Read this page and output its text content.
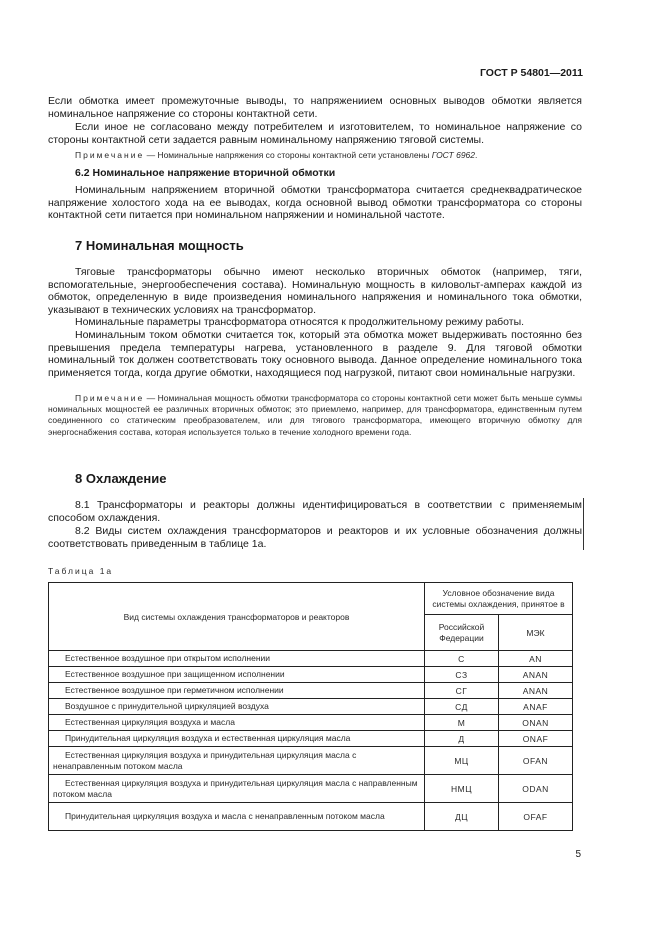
ГОСТ Р 54801—2011

Если обмотка имеет промежуточные выводы, то напряжениием основных выводов обмотки является номинальное напряжение со стороны контактной сети.

Если иное не согласовано между потребителем и изготовителем, то номинальное напряжение со стороны контактной сети задается равным номинальному напряжению тяговой системы.

Примечание — Номинальные напряжения со стороны контактной сети установлены ГОСТ 6962.

6.2 Номинальное напряжение вторичной обмотки

Номинальным напряжением вторичной обмотки трансформатора считается среднеквадратическое напряжение холостого хода на ее выводах, когда основной вывод обмотки трансформатора со стороны контактной сети питается при номинальном напряжении и номинальной частоте.

7 Номинальная мощность

Тяговые трансформаторы обычно имеют несколько вторичных обмоток (например, тяги, вспомогательные, энергообеспечения состава). Номинальную мощность в киловольт-амперах каждой из обмоток, определенную в виде произведения номинального напряжения и номинального тока обмотки, указывают в технических условиях на трансформатор.

Номинальные параметры трансформатора относятся к продолжительному режиму работы.

Номинальным током обмотки считается ток, который эта обмотка может выдерживать постоянно без превышения предела температуры нагрева, установленного в разделе 9. Для тяговой обмотки номинальный ток должен соответствовать току основного вывода. Данное определение номинального тока применяется тогда, когда другие обмотки, находящиеся под нагрузкой, питают свои номинальные нагрузки.

Примечание — Номинальная мощность обмотки трансформатора со стороны контактной сети может быть меньше суммы номинальных мощностей ее различных вторичных обмоток; это приемлемо, например, для трансформатора, единственным путем соединенного со статическим преобразователем, или для тягового трансформатора, имеющего вторичную обмотку для энергоснабжения состава, которая используется только в течение холодного времени года.

8 Охлаждение

8.1 Трансформаторы и реакторы должны идентифицироваться в соответствии с применяемым способом охлаждения.

8.2 Виды систем охлаждения трансформаторов и реакторов и их условные обозначения должны соответствовать приведенным в таблице 1а.

Таблица 1а
Вид системы охлаждения трансформаторов и реакторов	Условное обозначение вида системы охлаждения, принятое в	
	Российской Федерации	МЭК
Естественное воздушное при открытом исполнении	С	AN
Естественное воздушное при защищенном исполнении	СЗ	ANAN
Естественное воздушное при герметичном исполнении	СГ	ANAN
Воздушное с принудительной циркуляцией воздуха	СД	ANAF
Естественная циркуляция воздуха и масла	М	ONAN
Принудительная циркуляция воздуха и естественная циркуляция масла	Д	ONAF
Естественная циркуляция воздуха и принудительная циркуляция масла с ненаправленным потоком масла	МЦ	OFAN
Естественная циркуляция воздуха и принудительная циркуляция масла с направленным потоком масла	НМЦ	ODAN
Принудительная циркуляция воздуха и масла с ненаправленным потоком масла	ДЦ	OFAF
5
